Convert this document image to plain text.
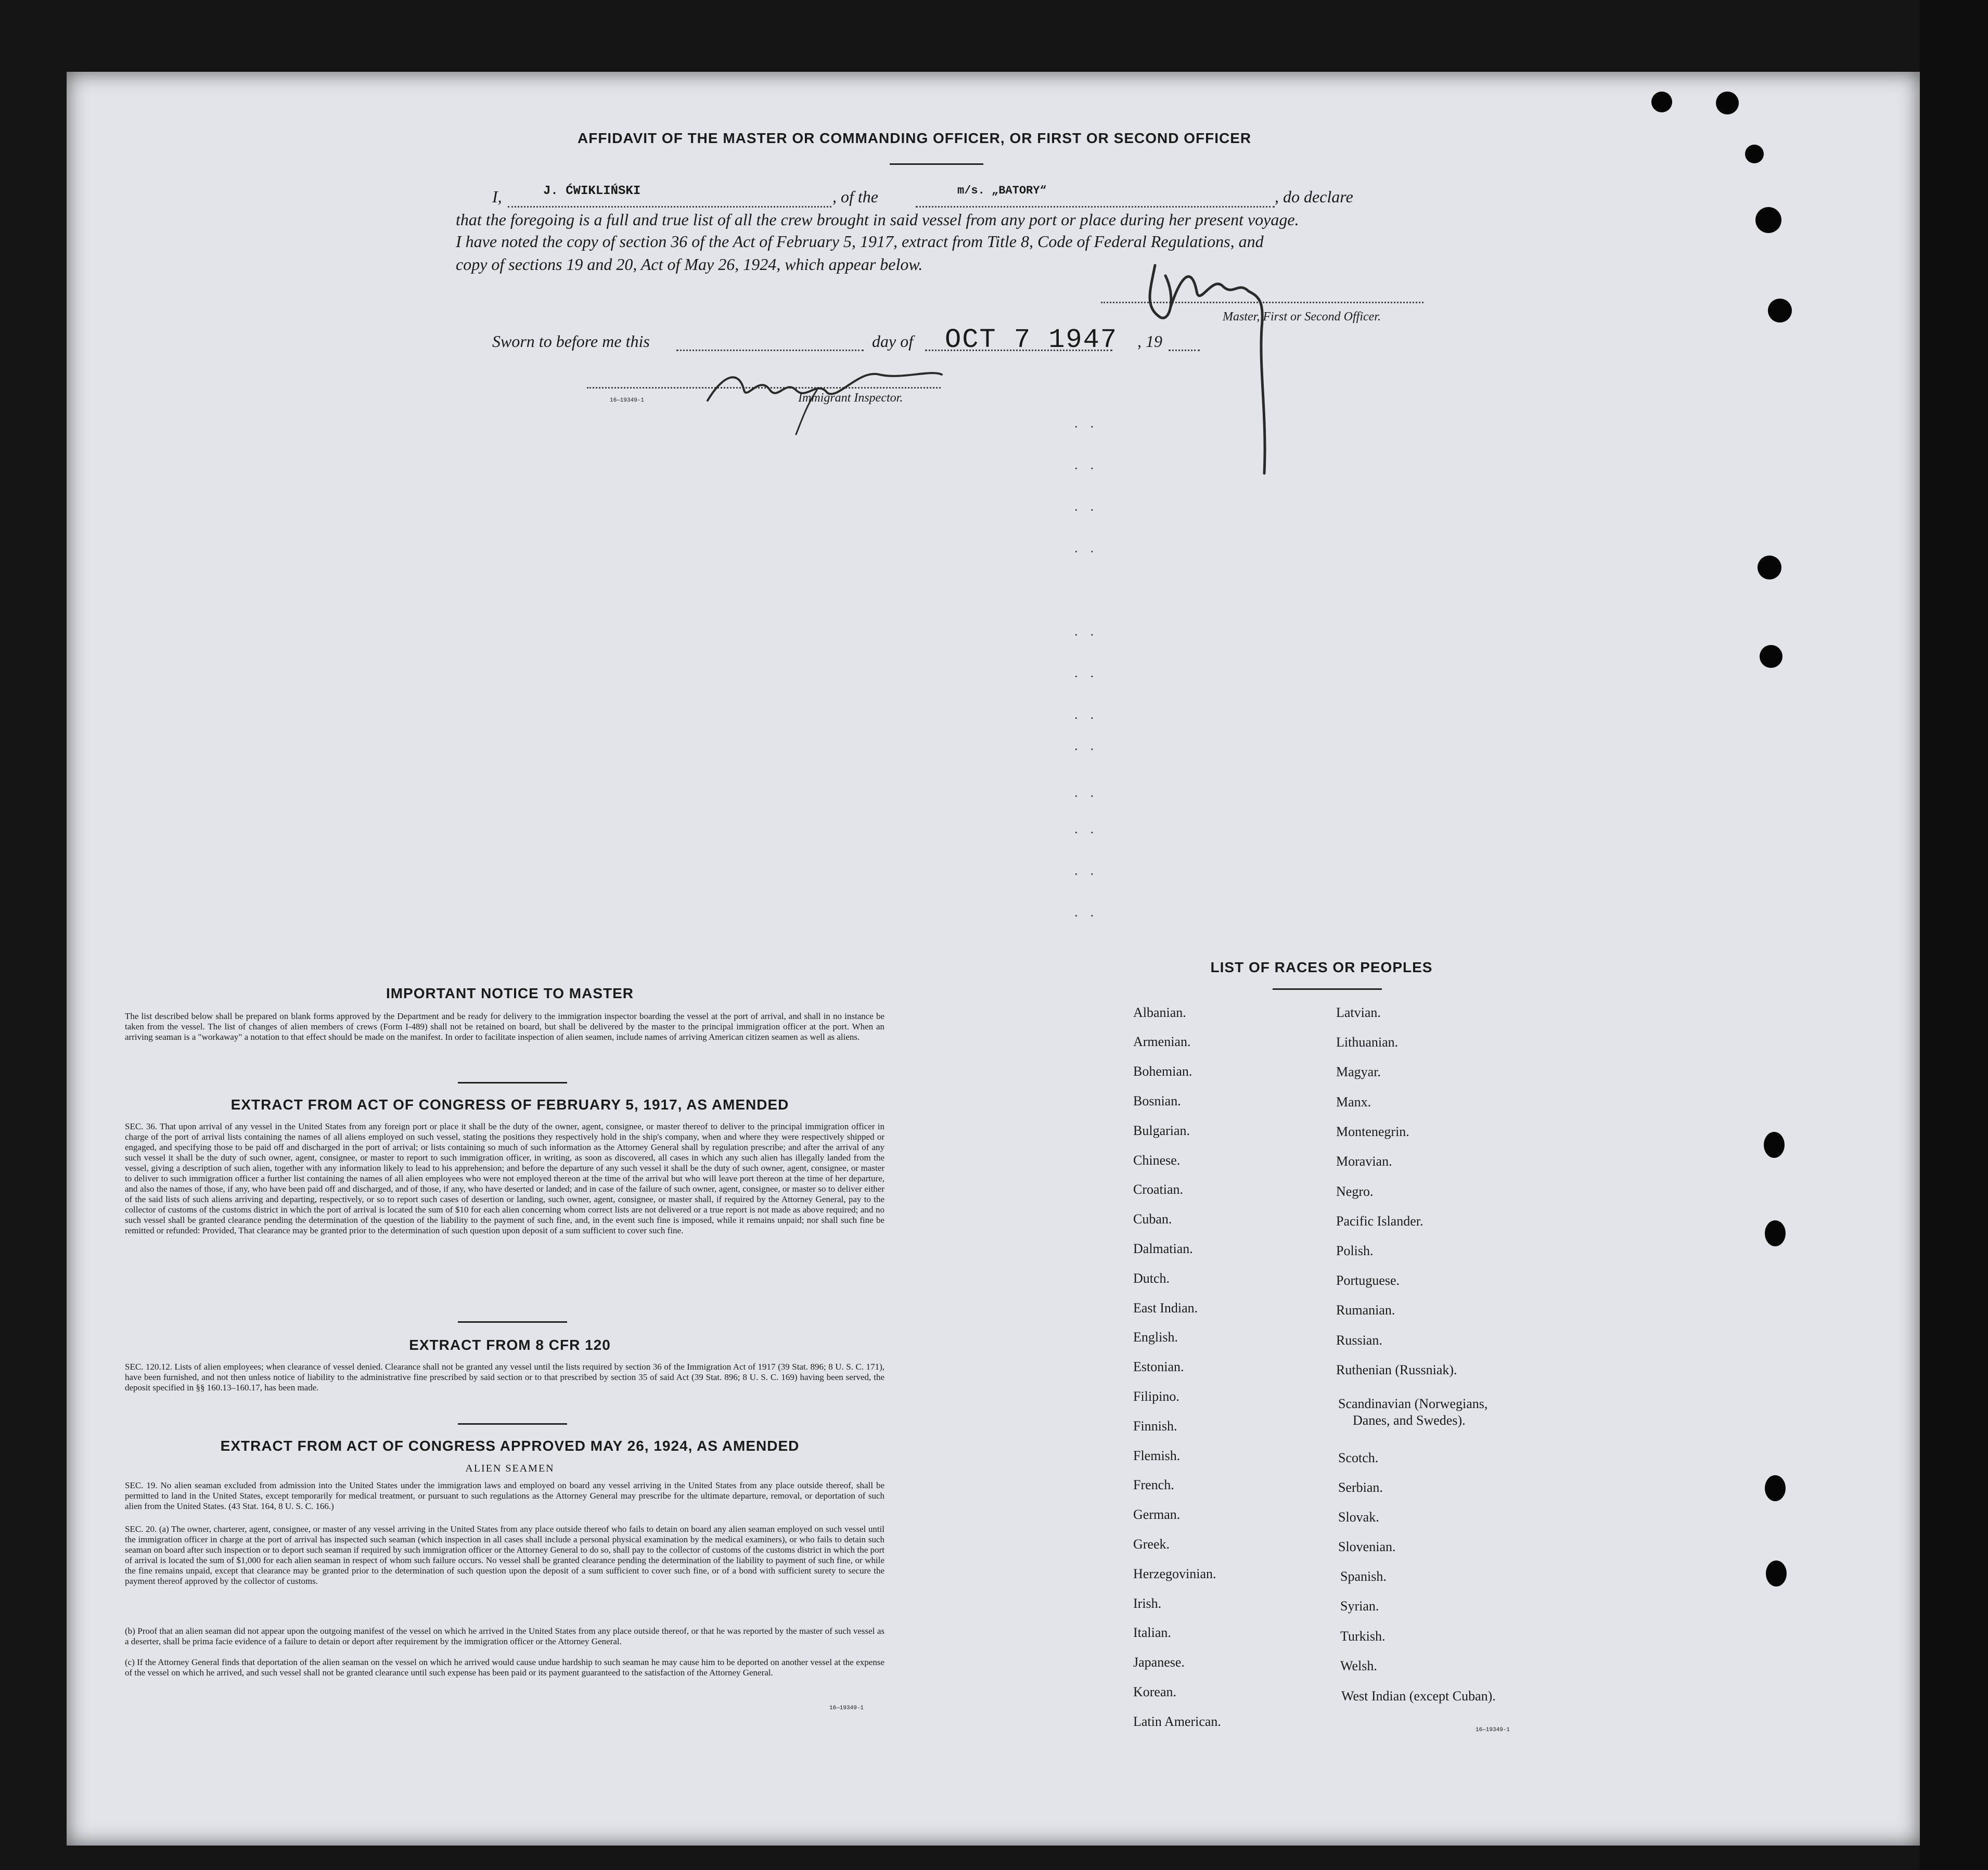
AFFIDAVIT OF THE MASTER OR COMMANDING OFFICER, OR FIRST OR SECOND OFFICER
I,	J. ĆWIKLIŃSKI	, of the	m/s. „BATORY“	, do declare
that the foregoing is a full and true list of all the crew brought in said vessel from any port or place during her present voyage.
I have noted the copy of section 36 of the Act of February 5, 1917, extract from Title 8, Code of Federal Regulations, and
copy of sections 19 and 20, Act of May 26, 1924, which appear below.
Master, First or Second Officer.
Sworn to before me this	day of OCT 7 1947 , 19
16—19349-1	Immigrant Inspector.
··
··
··
··
··
··
··
··
··
··
··
··
IMPORTANT NOTICE TO MASTER
The list described below shall be prepared on blank forms approved by the Department and be ready for delivery to the immigration inspector boarding the vessel at the port of arrival, and shall in no instance be taken from the vessel. The list of changes of alien members of crews (Form I-489) shall not be retained on board, but shall be delivered by the master to the principal immigration officer at the port. When an arriving seaman is a "workaway" a notation to that effect should be made on the manifest. In order to facilitate inspection of alien seamen, include names of arriving American citizen seamen as well as aliens.
EXTRACT FROM ACT OF CONGRESS OF FEBRUARY 5, 1917, AS AMENDED
SEC. 36. That upon arrival of any vessel in the United States from any foreign port or place it shall be the duty of the owner, agent, consignee, or master thereof to deliver to the principal immigration officer in charge of the port of arrival lists containing the names of all aliens employed on such vessel, stating the positions they respectively hold in the ship's company, when and where they were respectively shipped or engaged, and specifying those to be paid off and discharged in the port of arrival; or lists containing so much of such information as the Attorney General shall by regulation prescribe; and after the arrival of any such vessel it shall be the duty of such owner, agent, consignee, or master to report to such immigration officer, in writing, as soon as discovered, all cases in which any such alien has illegally landed from the vessel, giving a description of such alien, together with any information likely to lead to his apprehension; and before the departure of any such vessel it shall be the duty of such owner, agent, consignee, or master to deliver to such immigration officer a further list containing the names of all alien employees who were not employed thereon at the time of the arrival but who will leave port thereon at the time of her departure, and also the names of those, if any, who have been paid off and discharged, and of those, if any, who have deserted or landed; and in case of the failure of such owner, agent, consignee, or master so to deliver either of the said lists of such aliens arriving and departing, respectively, or so to report such cases of desertion or landing, such owner, agent, consignee, or master shall, if required by the Attorney General, pay to the collector of customs of the customs district in which the port of arrival is located the sum of $10 for each alien concerning whom correct lists are not delivered or a true report is not made as above required; and no such vessel shall be granted clearance pending the determination of the question of the liability to the payment of such fine, and, in the event such fine is imposed, while it remains unpaid; nor shall such fine be remitted or refunded: Provided, That clearance may be granted prior to the determination of such question upon deposit of a sum sufficient to cover such fine.
EXTRACT FROM 8 CFR 120
SEC. 120.12. Lists of alien employees; when clearance of vessel denied. Clearance shall not be granted any vessel until the lists required by section 36 of the Immigration Act of 1917 (39 Stat. 896; 8 U. S. C. 171), have been furnished, and not then unless notice of liability to the administrative fine prescribed by said section or to that prescribed by section 35 of said Act (39 Stat. 896; 8 U. S. C. 169) having been served, the deposit specified in §§ 160.13–160.17, has been made.
EXTRACT FROM ACT OF CONGRESS APPROVED MAY 26, 1924, AS AMENDED
ALIEN SEAMEN
SEC. 19. No alien seaman excluded from admission into the United States under the immigration laws and employed on board any vessel arriving in the United States from any place outside thereof, shall be permitted to land in the United States, except temporarily for medical treatment, or pursuant to such regulations as the Attorney General may prescribe for the ultimate departure, removal, or deportation of such alien from the United States. (43 Stat. 164, 8 U. S. C. 166.)
SEC. 20. (a) The owner, charterer, agent, consignee, or master of any vessel arriving in the United States from any place outside thereof who fails to detain on board any alien seaman employed on such vessel until the immigration officer in charge at the port of arrival has inspected such seaman (which inspection in all cases shall include a personal physical examination by the medical examiners), or who fails to detain such seaman on board after such inspection or to deport such seaman if required by such immigration officer or the Attorney General to do so, shall pay to the collector of customs of the customs district in which the port of arrival is located the sum of $1,000 for each alien seaman in respect of whom such failure occurs. No vessel shall be granted clearance pending the determination of the liability to payment of such fine, or while the fine remains unpaid, except that clearance may be granted prior to the determination of such question upon the deposit of a sum sufficient to cover such fine, or of a bond with sufficient surety to secure the payment thereof approved by the collector of customs.
(b) Proof that an alien seaman did not appear upon the outgoing manifest of the vessel on which he arrived in the United States from any place outside thereof, or that he was reported by the master of such vessel as a deserter, shall be prima facie evidence of a failure to detain or deport after requirement by the immigration officer or the Attorney General.
(c) If the Attorney General finds that deportation of the alien seaman on the vessel on which he arrived would cause undue hardship to such seaman he may cause him to be deported on another vessel at the expense of the vessel on which he arrived, and such vessel shall not be granted clearance until such expense has been paid or its payment guaranteed to the satisfaction of the Attorney General.
16—19349-1
LIST OF RACES OR PEOPLES
Albanian.
Armenian.
Bohemian.
Bosnian.
Bulgarian.
Chinese.
Croatian.
Cuban.
Dalmatian.
Dutch.
East Indian.
English.
Estonian.
Filipino.
Finnish.
Flemish.
French.
German.
Greek.
Herzegovinian.
Irish.
Italian.
Japanese.
Korean.
Latin American.
Latvian.
Lithuanian.
Magyar.
Manx.
Montenegrin.
Moravian.
Negro.
Pacific Islander.
Polish.
Portuguese.
Rumanian.
Russian.
Ruthenian (Russniak).
Scandinavian (Norwegians,
Danes, and Swedes).
Scotch.
Serbian.
Slovak.
Slovenian.
Spanish.
Syrian.
Turkish.
Welsh.
West Indian (except Cuban).
16—19349-1
